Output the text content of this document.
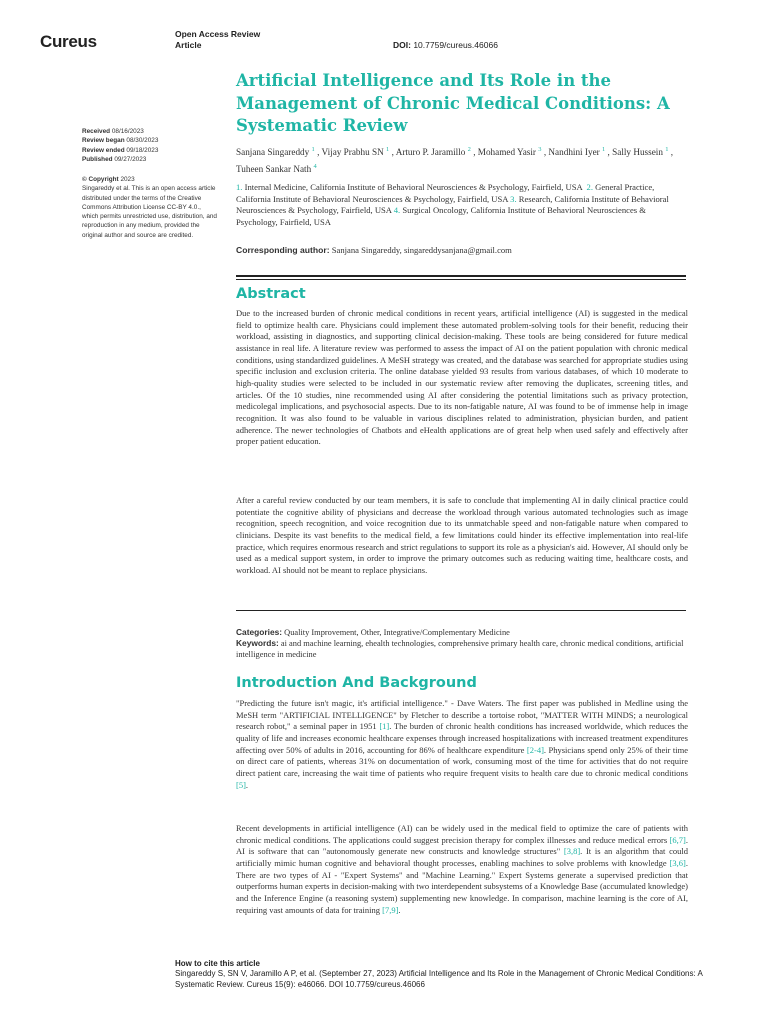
Cureus	Open Access Review
Article	DOI: 10.7759/cureus.46066
Artificial Intelligence and Its Role in the Management of Chronic Medical Conditions: A Systematic Review
Sanjana Singareddy $^1$ , Vijay Prabhu SN $^1$ , Arturo P. Jaramillo $^2$ , Mohamed Yasir $^3$ , Nandhini Iyer $^1$ , Sally Hussein $^1$ , Tuheen Sankar Nath $^4$
1. Internal Medicine, California Institute of Behavioral Neurosciences & Psychology, Fairfield, USA 2. General Practice, California Institute of Behavioral Neurosciences & Psychology, Fairfield, USA 3. Research, California Institute of Behavioral Neurosciences & Psychology, Fairfield, USA 4. Surgical Oncology, California Institute of Behavioral Neurosciences & Psychology, Fairfield, USA
Corresponding author: Sanjana Singareddy, singareddysanjana@gmail.com
Received 08/16/2023
Review began 08/30/2023
Review ended 09/18/2023
Published 09/27/2023
© Copyright 2023
Singareddy et al. This is an open access article distributed under the terms of the Creative Commons Attribution License CC-BY 4.0., which permits unrestricted use, distribution, and reproduction in any medium, provided the original author and source are credited.
Abstract
Due to the increased burden of chronic medical conditions in recent years, artificial intelligence (AI) is suggested in the medical field to optimize health care. Physicians could implement these automated problem-solving tools for their benefit, reducing their workload, assisting in diagnostics, and supporting clinical decision-making. These tools are being considered for future medical assistance in real life. A literature review was performed to assess the impact of AI on the patient population with chronic medical conditions, using standardized guidelines. A MeSH strategy was created, and the database was searched for appropriate studies using specific inclusion and exclusion criteria. The online database yielded 93 results from various databases, of which 10 moderate to high-quality studies were selected to be included in our systematic review after removing the duplicates, screening titles, and articles. Of the 10 studies, nine recommended using AI after considering the potential limitations such as privacy protection, medicolegal implications, and psychosocial aspects. Due to its non-fatigable nature, AI was found to be of immense help in image recognition. It was also found to be valuable in various disciplines related to administration, physician burden, and patient adherence. The newer technologies of Chatbots and eHealth applications are of great help when used safely and effectively after proper patient education.
After a careful review conducted by our team members, it is safe to conclude that implementing AI in daily clinical practice could potentiate the cognitive ability of physicians and decrease the workload through various automated technologies such as image recognition, speech recognition, and voice recognition due to its unmatchable speed and non-fatigable nature when compared to clinicians. Despite its vast benefits to the medical field, a few limitations could hinder its effective implementation into real-life practice, which requires enormous research and strict regulations to support its role as a physician's aid. However, AI should only be used as a medical support system, in order to improve the primary outcomes such as reducing waiting time, healthcare costs, and workload. AI should not be meant to replace physicians.
Categories: Quality Improvement, Other, Integrative/Complementary Medicine
Keywords: ai and machine learning, ehealth technologies, comprehensive primary health care, chronic medical conditions, artificial intelligence in medicine
Introduction And Background
"Predicting the future isn't magic, it's artificial intelligence." - Dave Waters. The first paper was published in Medline using the MeSH term "ARTIFICIAL INTELLIGENCE" by Fletcher to describe a tortoise robot, "MATTER WITH MINDS; a neurological research robot," a seminal paper in 1951 [1]. The burden of chronic health conditions has increased worldwide, which reduces the quality of life and increases economic healthcare expenses through increased hospitalizations with increased treatment expenditures affecting over 50% of adults in 2016, accounting for 86% of healthcare expenditure [2-4]. Physicians spend only 25% of their time on direct care of patients, whereas 31% on documentation of work, consuming most of the time for activities that do not require direct patient care, increasing the wait time of patients who require frequent visits to health care due to chronic medical conditions [5].
Recent developments in artificial intelligence (AI) can be widely used in the medical field to optimize the care of patients with chronic medical conditions. The applications could suggest precision therapy for complex illnesses and reduce medical errors [6,7]. AI is software that can "autonomously generate new constructs and knowledge structures" [3,8]. It is an algorithm that could artificially mimic human cognitive and behavioral thought processes, enabling machines to solve problems with knowledge [3,6]. There are two types of AI - "Expert Systems" and "Machine Learning." Expert Systems generate a supervised prediction that outperforms human experts in decision-making with two interdependent subsystems of a Knowledge Base (accumulated knowledge) and the Inference Engine (a reasoning system) supplementing new knowledge. In comparison, machine learning is the core of AI, requiring vast amounts of data for training [7,9].
How to cite this article
Singareddy S, SN V, Jaramillo A P, et al. (September 27, 2023) Artificial Intelligence and Its Role in the Management of Chronic Medical Conditions: A Systematic Review. Cureus 15(9): e46066. DOI 10.7759/cureus.46066
